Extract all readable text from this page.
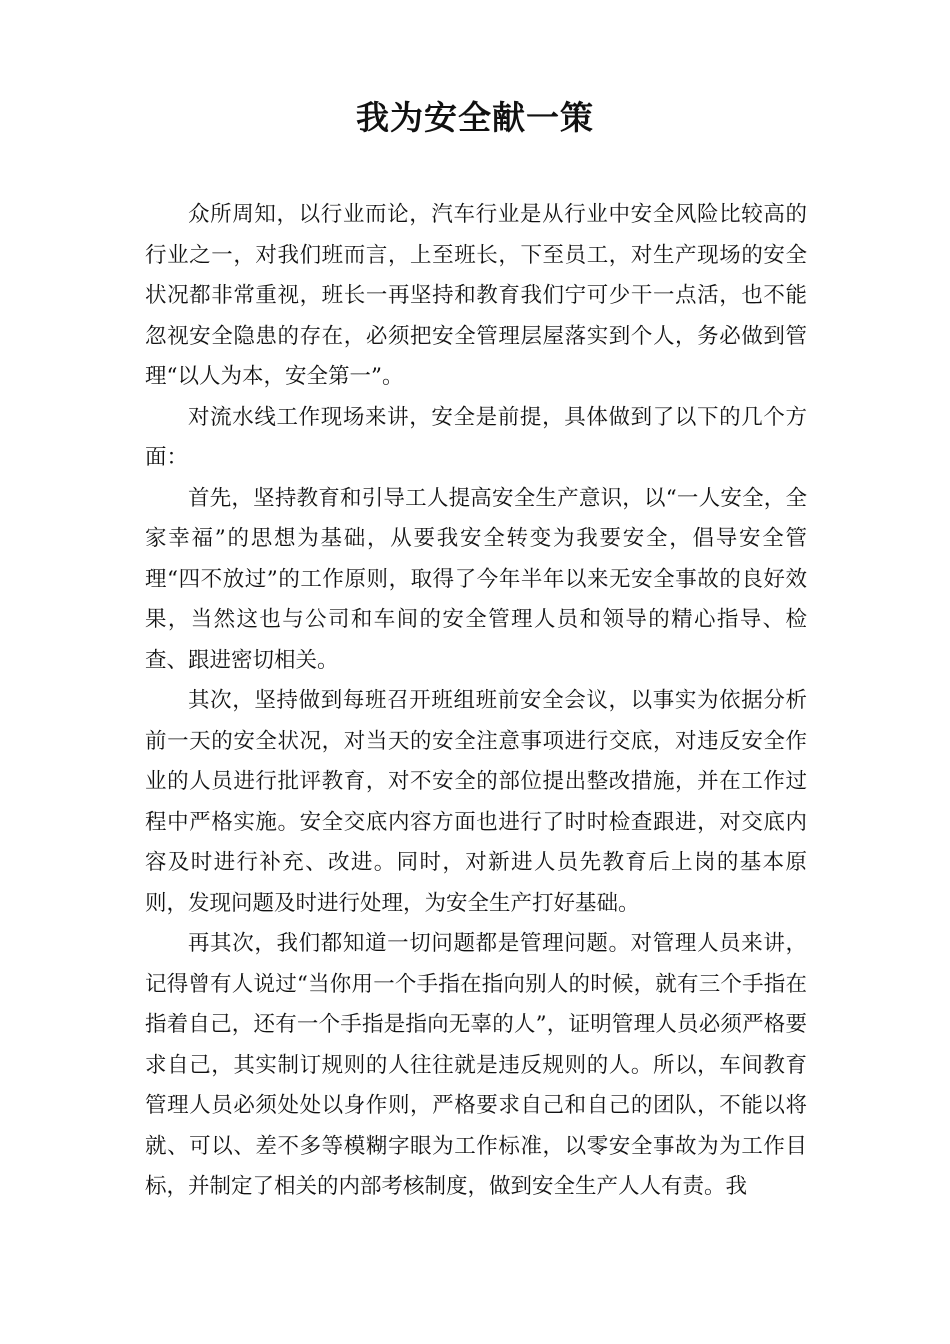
我为安全献一策

众所周知，以行业而论，汽车行业是从行业中安全风险比较高的行业之一，对我们班而言，上至班长，下至员工，对生产现场的安全状况都非常重视，班长一再坚持和教育我们宁可少干一点活，也不能忽视安全隐患的存在，必须把安全管理层屋落实到个人，务必做到管理“以人为本，安全第一”。

对流水线工作现场来讲，安全是前提，具体做到了以下的几个方面：

首先，坚持教育和引导工人提高安全生产意识，以“一人安全，全家幸福”的思想为基础，从要我安全转变为我要安全，倡导安全管理“四不放过”的工作原则，取得了今年半年以来无安全事故的良好效果，当然这也与公司和车间的安全管理人员和领导的精心指导、检查、跟进密切相关。

其次，坚持做到每班召开班组班前安全会议，以事实为依据分析前一天的安全状况，对当天的安全注意事项进行交底，对违反安全作业的人员进行批评教育，对不安全的部位提出整改措施，并在工作过程中严格实施。安全交底内容方面也进行了时时检查跟进，对交底内容及时进行补充、改进。同时，对新进人员先教育后上岗的基本原则，发现问题及时进行处理，为安全生产打好基础。

再其次，我们都知道一切问题都是管理问题。对管理人员来讲，记得曾有人说过“当你用一个手指在指向别人的时候，就有三个手指在指着自己，还有一个手指是指向无辜的人”，证明管理人员必须严格要求自己，其实制订规则的人往往就是违反规则的人。所以，车间教育管理人员必须处处以身作则，严格要求自己和自己的团队，不能以将就、可以、差不多等模糊字眼为工作标准，以零安全事故为为工作目标，并制定了相关的内部考核制度，做到安全生产人人有责。我
